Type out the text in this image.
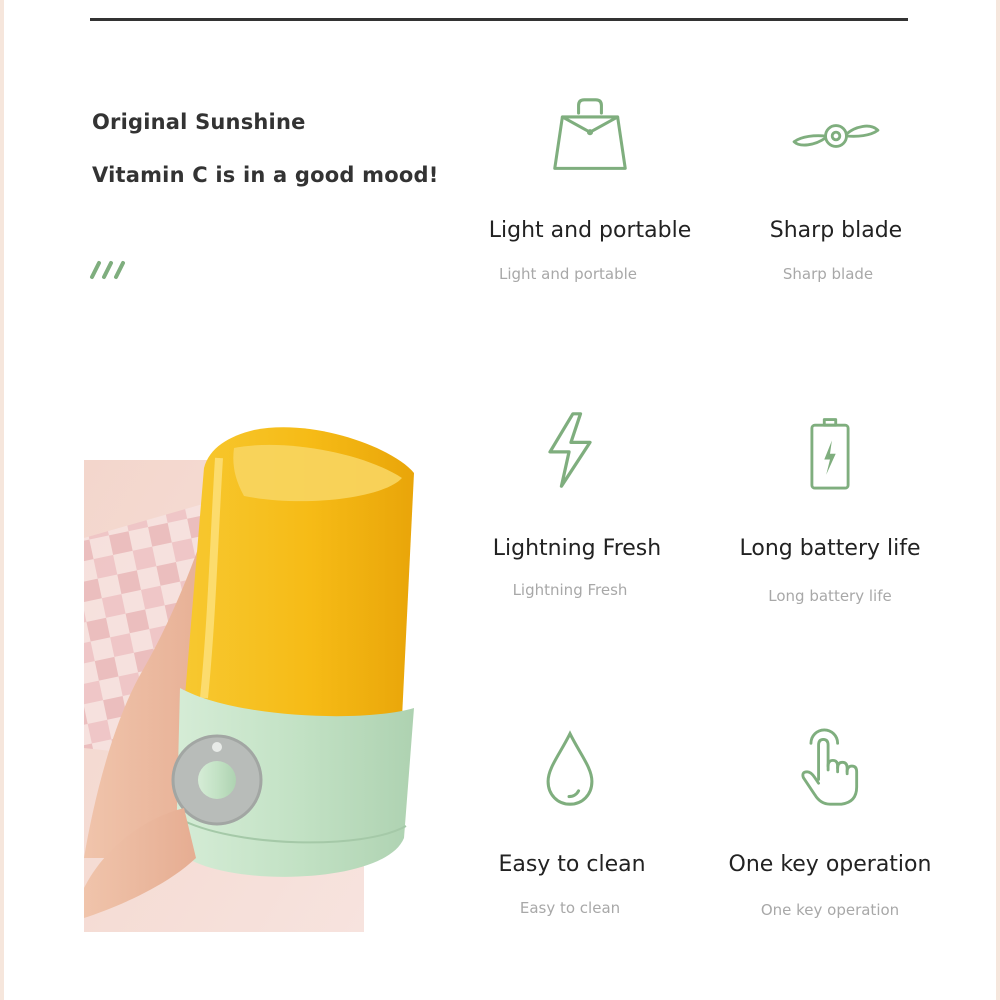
Original Sunshine
Vitamin C is in a good mood!
Light and portable
Light and portable
Sharp blade
Sharp blade
Lightning Fresh
Lightning Fresh
Long battery life
Long battery life
Easy to clean
Easy to clean
One key operation
One key operation
